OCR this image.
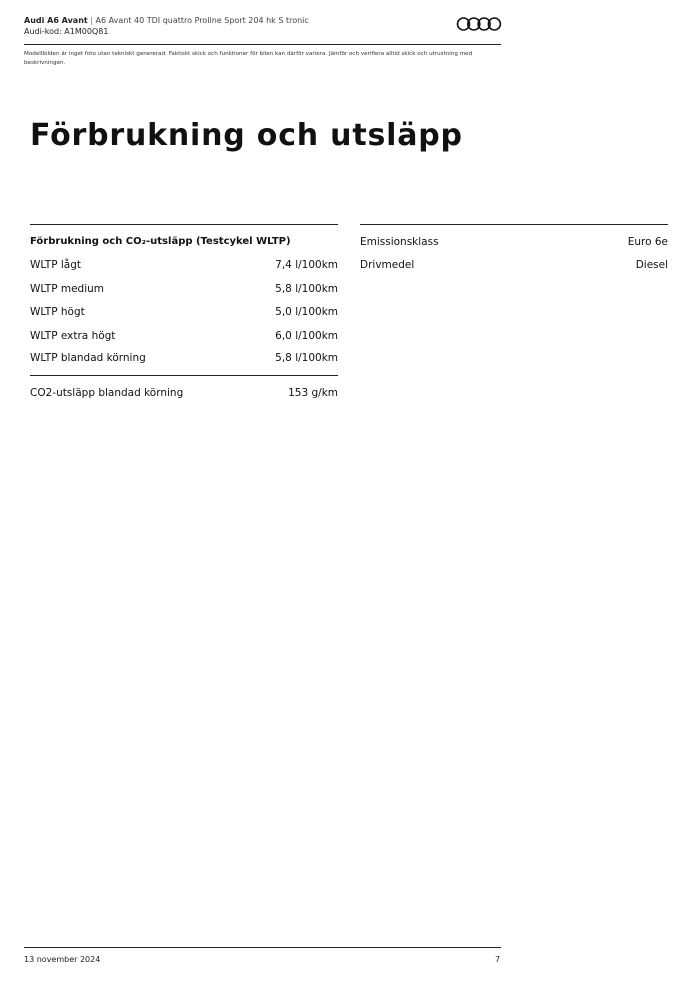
Audi A6 Avant | A6 Avant 40 TDI quattro Proline Sport 204 hk S tronic
Audi-kod: A1M00Q81
Modellbilden är inget foto utan tekniskt genererad. Faktiskt skick och funktioner för bilen kan därför variera. Jämför och verifiera alltid skick och utrustning med beskrivningen.
Förbrukning och utsläpp
Förbrukning och CO₂-utsläpp (Testcykel WLTP)
WLTP lågt	7,4 l/100km
WLTP medium	5,8 l/100km
WLTP högt	5,0 l/100km
WLTP extra högt	6,0 l/100km
WLTP blandad körning	5,8 l/100km
CO2-utsläpp blandad körning	153 g/km
Emissionsklass	Euro 6e
Drivmedel	Diesel
13 november 2024	7
